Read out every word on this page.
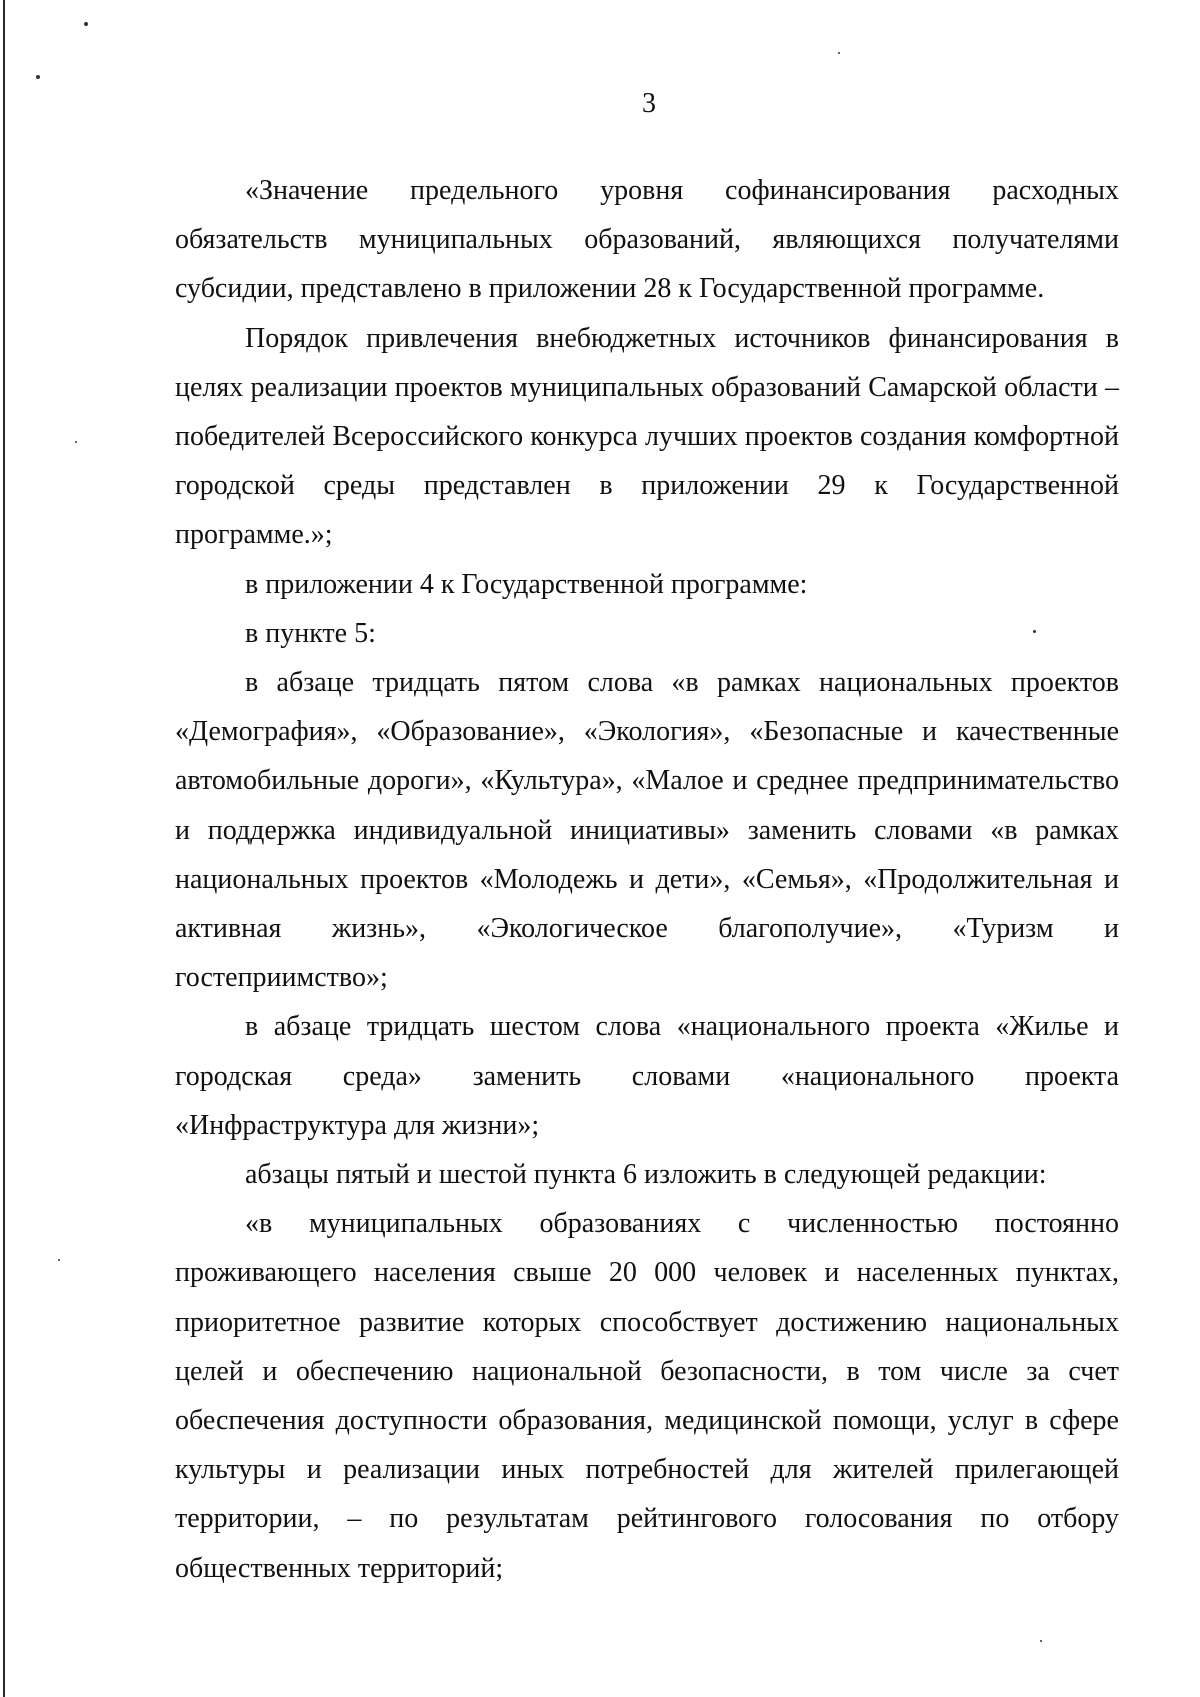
3

«Значение предельного уровня софинансирования расходных обязательств муниципальных образований, являющихся получателями субсидии, представлено в приложении 28 к Государственной программе.

Порядок привлечения внебюджетных источников финансирования в целях реализации проектов муниципальных образований Самарской области – победителей Всероссийского конкурса лучших проектов создания комфортной городской среды представлен в приложении 29 к Государственной программе.»;

в приложении 4 к Государственной программе:

в пункте 5:

в абзаце тридцать пятом слова «в рамках национальных проектов «Демография», «Образование», «Экология», «Безопасные и качественные автомобильные дороги», «Культура», «Малое и среднее предпринимательство и поддержка индивидуальной инициативы» заменить словами «в рамках национальных проектов «Молодежь и дети», «Семья», «Продолжительная и активная жизнь», «Экологическое благополучие», «Туризм и гостеприимство»;

в абзаце тридцать шестом слова «национального проекта «Жилье и городская среда» заменить словами «национального проекта «Инфраструктура для жизни»;

абзацы пятый и шестой пункта 6 изложить в следующей редакции:

«в муниципальных образованиях с численностью постоянно проживающего населения свыше 20 000 человек и населенных пунктах, приоритетное развитие которых способствует достижению национальных целей и обеспечению национальной безопасности, в том числе за счет обеспечения доступности образования, медицинской помощи, услуг в сфере культуры и реализации иных потребностей для жителей прилегающей территории, – по результатам рейтингового голосования по отбору общественных территорий;
